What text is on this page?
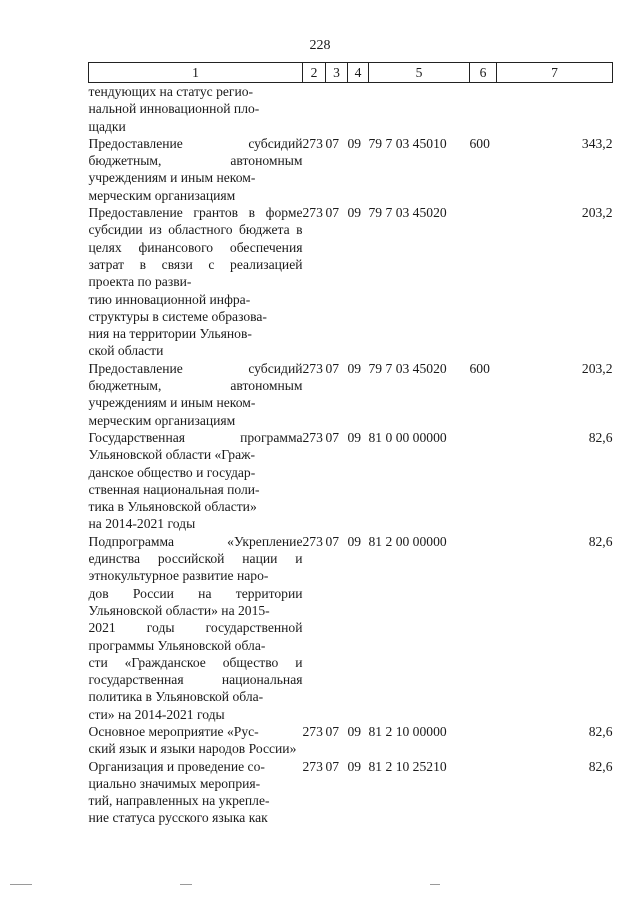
228
1	2	3	4	5	6	7
тендующих на статус регио-
нальной инновационной пло-
щадки						
Предоставление субсидий бюджетным, автономным учреждениям и иным неком-
мерческим организациям	273	07	09	79 7 03 45010	600	343,2
Предоставление грантов в форме субсидии из областного бюджета в целях финансового обеспечения затрат в связи с реализацией проекта по разви-
тию инновационной инфра-
структуры в системе образова-
ния на территории Ульянов-
ской области	273	07	09	79 7 03 45020		203,2
Предоставление субсидий бюджетным, автономным учреждениям и иным неком-
мерческим организациям	273	07	09	79 7 03 45020	600	203,2
Государственная программа Ульяновской области «Граж-
данское общество и государ-
ственная национальная поли-
тика в Ульяновской области»
на 2014-2021 годы	273	07	09	81 0 00 00000		82,6
Подпрограмма «Укрепление единства российской нации и этнокультурное развитие наро-
дов России на территории Ульяновской области» на 2015-
2021 годы государственной программы Ульяновской обла-
сти «Гражданское общество и государственная национальная политика в Ульяновской обла-
сти» на 2014-2021 годы	273	07	09	81 2 00 00000		82,6
Основное мероприятие «Рус-
ский язык и языки народов России»	273	07	09	81 2 10 00000		82,6
Организация и проведение со-
циально значимых мероприя-
тий, направленных на укрепле-
ние статуса русского языка как	273	07	09	81 2 10 25210		82,6
